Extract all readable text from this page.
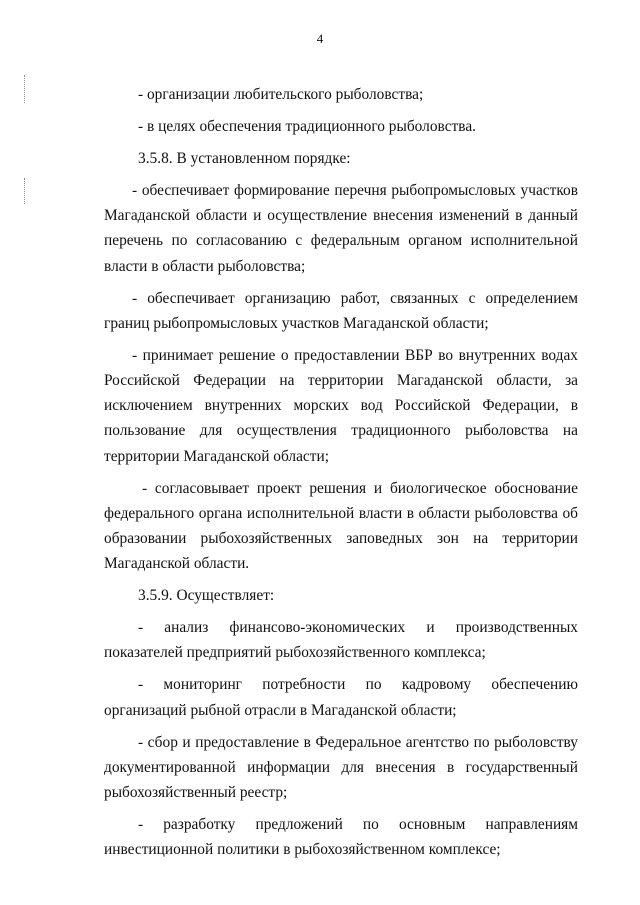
4

- организации любительского рыболовства;

- в целях обеспечения традиционного рыболовства.

3.5.8. В установленном порядке:

- обеспечивает формирование перечня рыбопромысловых участков Магаданской области и осуществление внесения изменений в данный перечень по согласованию с федеральным органом исполнительной власти в области рыболовства;

- обеспечивает организацию работ, связанных с определением границ рыбопромысловых участков Магаданской области;

- принимает решение о предоставлении ВБР во внутренних водах Российской Федерации на территории Магаданской области, за исключением внутренних морских вод Российской Федерации, в пользование для осуществления традиционного рыболовства на территории Магаданской области;

- согласовывает проект решения и биологическое обоснование федерального органа исполнительной власти в области рыболовства об образовании рыбохозяйственных заповедных зон на территории Магаданской области.

3.5.9. Осуществляет:

- анализ финансово-экономических и производственных показателей предприятий рыбохозяйственного комплекса;

- мониторинг потребности по кадровому обеспечению организаций рыбной отрасли в Магаданской области;

- сбор и предоставление в Федеральное агентство по рыболовству документированной информации для внесения в государственный рыбохозяйственный реестр;

- разработку предложений по основным направлениям инвестиционной политики в рыбохозяйственном комплексе;
